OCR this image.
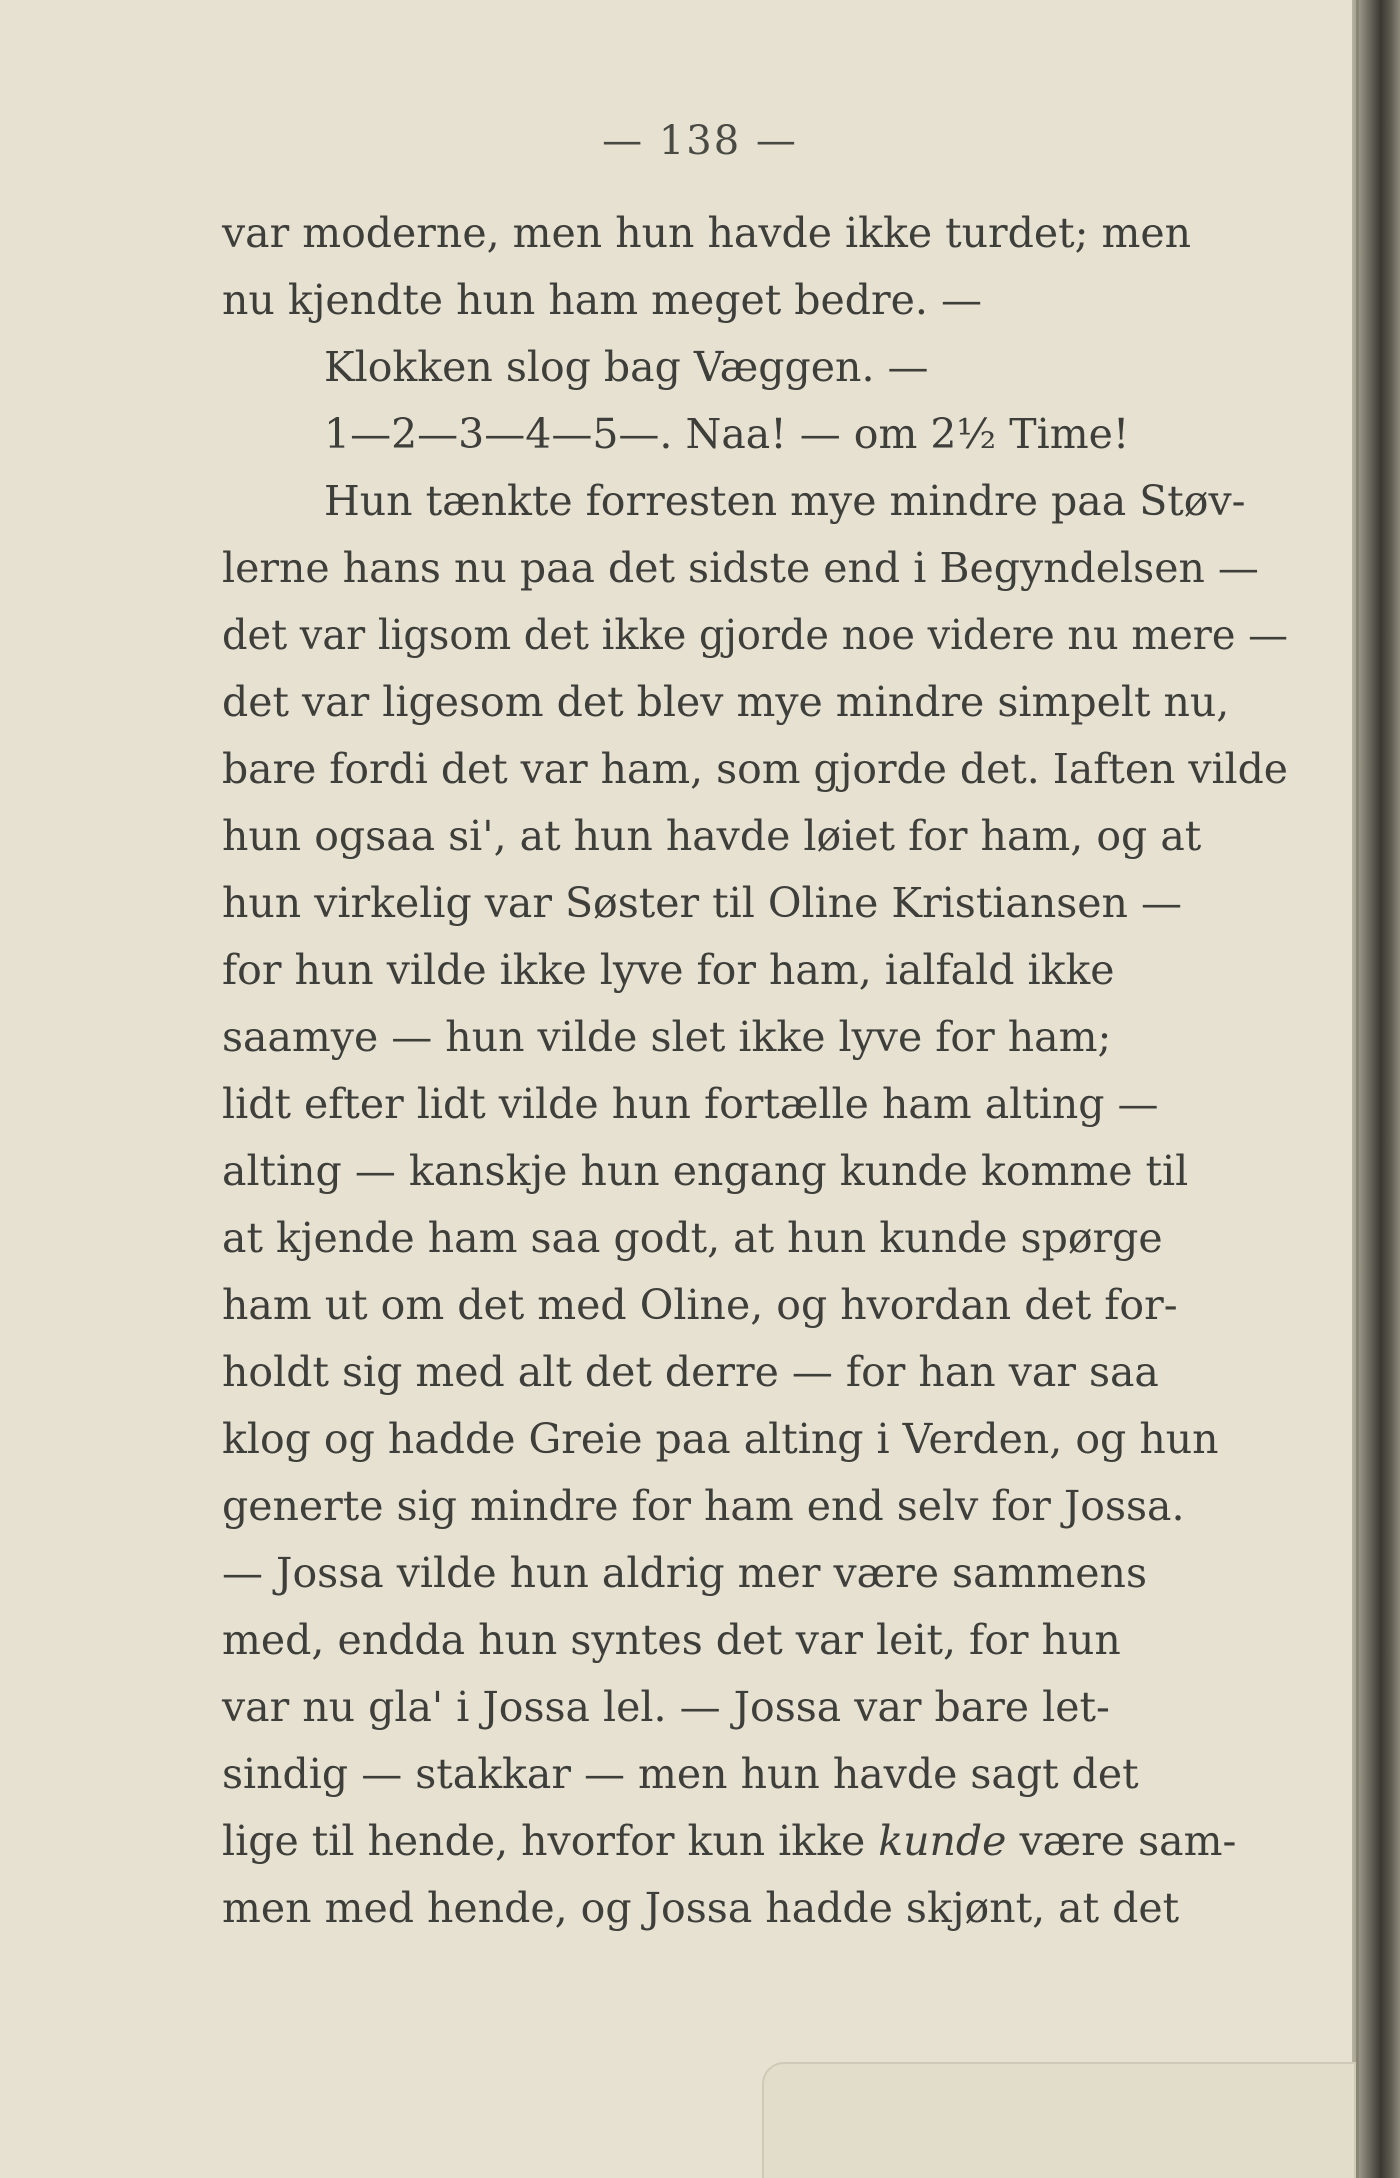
— 138 —
var moderne, men hun havde ikke turdet; men
nu kjendte hun ham meget bedre. —
Klokken slog bag Væggen. —
1—2—3—4—5—. Naa! — om 2½ Time!
Hun tænkte forresten mye mindre paa Støv-
lerne hans nu paa det sidste end i Begyndelsen —
det var ligsom det ikke gjorde noe videre nu mere —
det var ligesom det blev mye mindre simpelt nu,
bare fordi det var ham, som gjorde det. Iaften vilde
hun ogsaa si', at hun havde løiet for ham, og at
hun virkelig var Søster til Oline Kristiansen —
for hun vilde ikke lyve for ham, ialfald ikke
saamye — hun vilde slet ikke lyve for ham;
lidt efter lidt vilde hun fortælle ham alting —
alting — kanskje hun engang kunde komme til
at kjende ham saa godt, at hun kunde spørge
ham ut om det med Oline, og hvordan det for-
holdt sig med alt det derre — for han var saa
klog og hadde Greie paa alting i Verden, og hun
generte sig mindre for ham end selv for Jossa.
— Jossa vilde hun aldrig mer være sammens
med, endda hun syntes det var leit, for hun
var nu gla' i Jossa lel. — Jossa var bare let-
sindig — stakkar — men hun havde sagt det
lige til hende, hvorfor kun ikke kunde være sam-
men med hende, og Jossa hadde skjønt, at det
